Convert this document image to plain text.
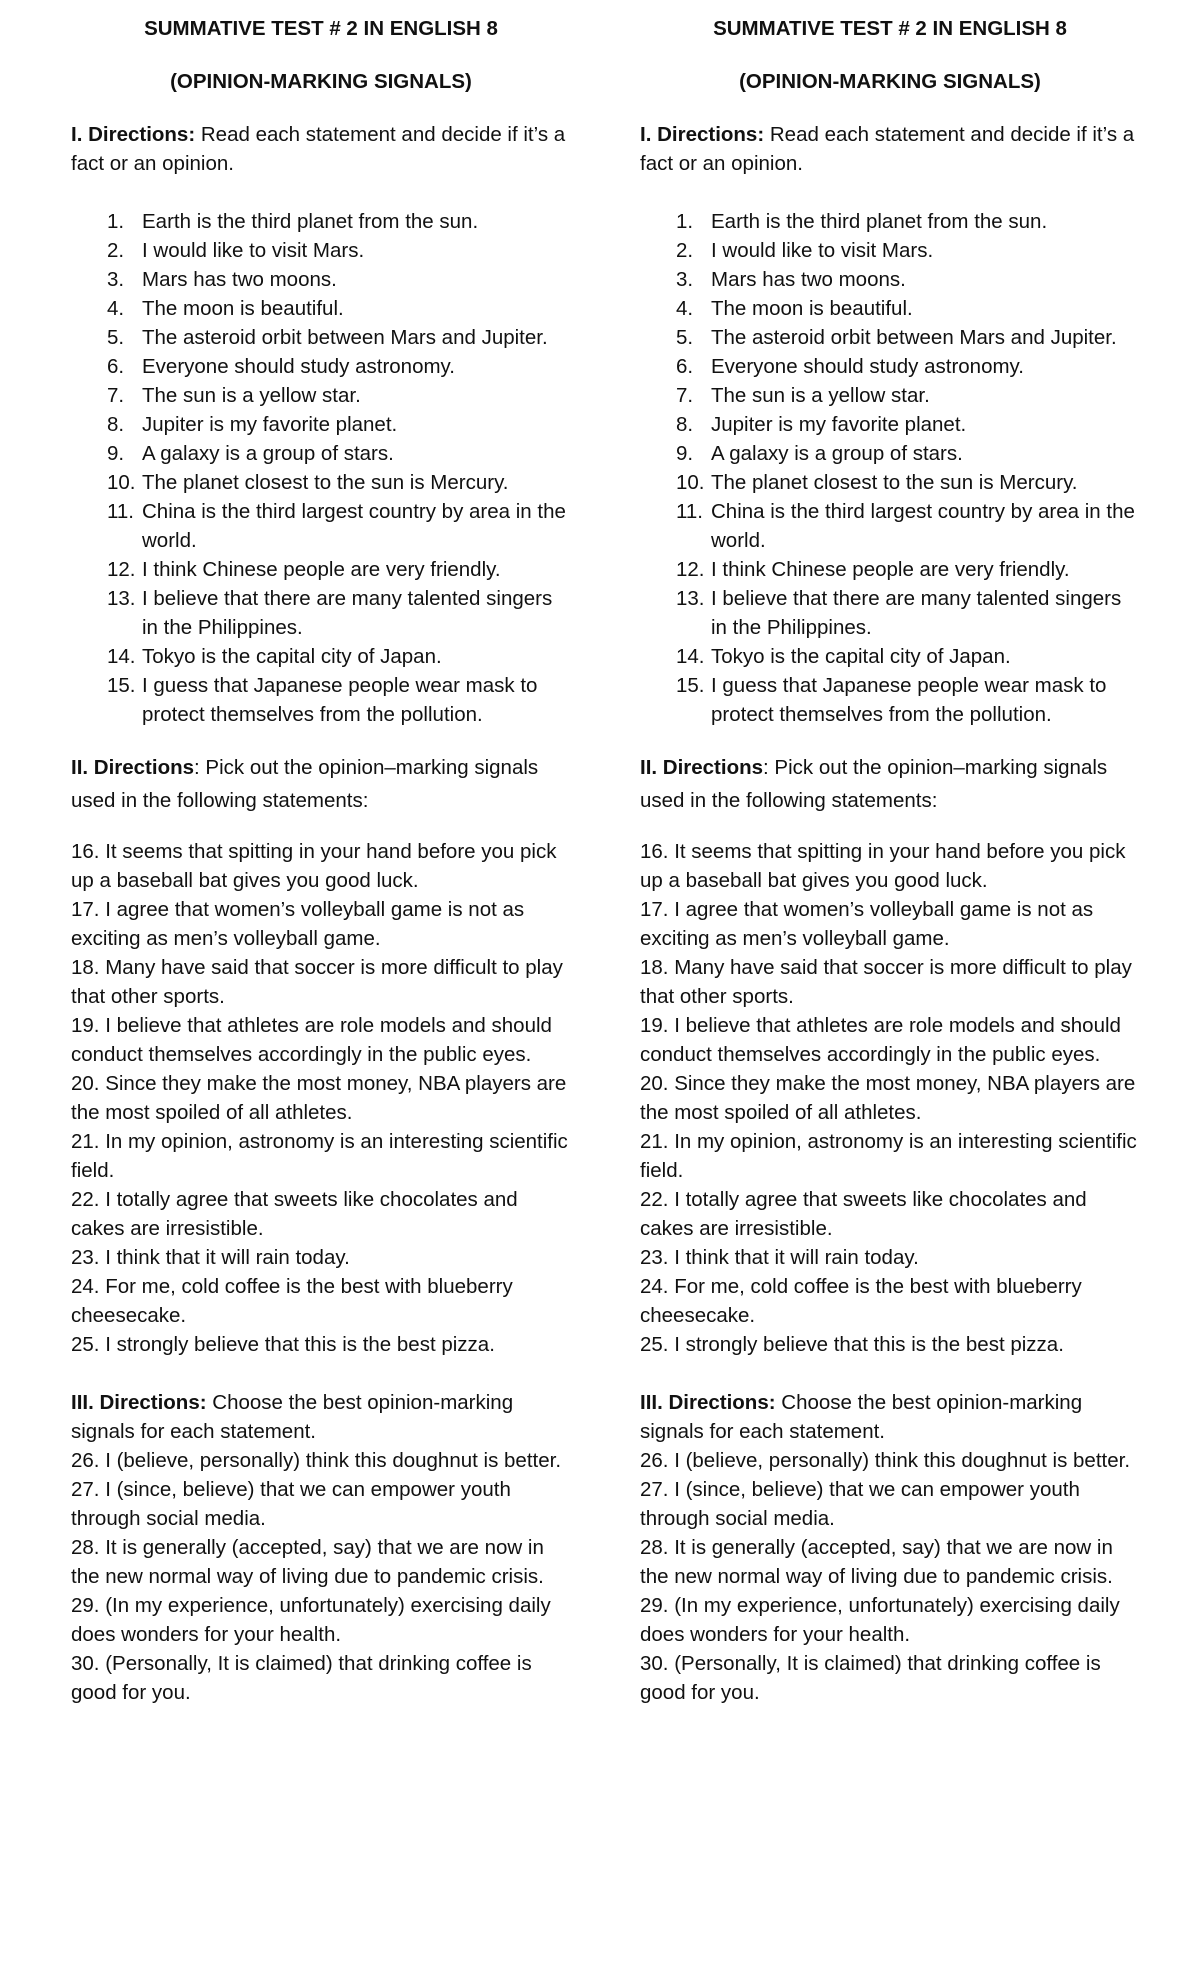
SUMMATIVE TEST # 2 IN ENGLISH 8

(OPINION-MARKING SIGNALS)

I. Directions: Read each statement and decide if it’s a fact or an opinion.

1. Earth is the third planet from the sun.
2. I would like to visit Mars.
3. Mars has two moons.
4. The moon is beautiful.
5. The asteroid orbit between Mars and Jupiter.
6. Everyone should study astronomy.
7. The sun is a yellow star.
8. Jupiter is my favorite planet.
9. A galaxy is a group of stars.
10. The planet closest to the sun is Mercury.
11. China is the third largest country by area in the world.
12. I think Chinese people are very friendly.
13. I believe that there are many talented singers in the Philippines.
14. Tokyo is the capital city of Japan.
15. I guess that Japanese people wear mask to protect themselves from the pollution.

II. Directions: Pick out the opinion–marking signals used in the following statements:

16. It seems that spitting in your hand before you pick up a baseball bat gives you good luck.

17. I agree that women’s volleyball game is not as exciting as men’s volleyball game.

18. Many have said that soccer is more difficult to play that other sports.

19. I believe that athletes are role models and should conduct themselves accordingly in the public eyes.

20. Since they make the most money, NBA players are the most spoiled of all athletes.

21. In my opinion, astronomy is an interesting scientific field.

22. I totally agree that sweets like chocolates and cakes are irresistible.

23. I think that it will rain today.

24. For me, cold coffee is the best with blueberry cheesecake.

25. I strongly believe that this is the best pizza.

III. Directions: Choose the best opinion-marking signals for each statement.

26. I (believe, personally) think this doughnut is better.

27. I (since, believe) that we can empower youth through social media.

28. It is generally (accepted, say) that we are now in the new normal way of living due to pandemic crisis.

29. (In my experience, unfortunately) exercising daily does wonders for your health.

30. (Personally, It is claimed) that drinking coffee is good for you.

SUMMATIVE TEST # 2 IN ENGLISH 8

(OPINION-MARKING SIGNALS)

I. Directions: Read each statement and decide if it’s a fact or an opinion.

1. Earth is the third planet from the sun.
2. I would like to visit Mars.
3. Mars has two moons.
4. The moon is beautiful.
5. The asteroid orbit between Mars and Jupiter.
6. Everyone should study astronomy.
7. The sun is a yellow star.
8. Jupiter is my favorite planet.
9. A galaxy is a group of stars.
10. The planet closest to the sun is Mercury.
11. China is the third largest country by area in the world.
12. I think Chinese people are very friendly.
13. I believe that there are many talented singers in the Philippines.
14. Tokyo is the capital city of Japan.
15. I guess that Japanese people wear mask to protect themselves from the pollution.

II. Directions: Pick out the opinion–marking signals used in the following statements:

16. It seems that spitting in your hand before you pick up a baseball bat gives you good luck.

17. I agree that women’s volleyball game is not as exciting as men’s volleyball game.

18. Many have said that soccer is more difficult to play that other sports.

19. I believe that athletes are role models and should conduct themselves accordingly in the public eyes.

20. Since they make the most money, NBA players are the most spoiled of all athletes.

21. In my opinion, astronomy is an interesting scientific field.

22. I totally agree that sweets like chocolates and cakes are irresistible.

23. I think that it will rain today.

24. For me, cold coffee is the best with blueberry cheesecake.

25. I strongly believe that this is the best pizza.

III. Directions: Choose the best opinion-marking signals for each statement.

26. I (believe, personally) think this doughnut is better.

27. I (since, believe) that we can empower youth through social media.

28. It is generally (accepted, say) that we are now in the new normal way of living due to pandemic crisis.

29. (In my experience, unfortunately) exercising daily does wonders for your health.

30. (Personally, It is claimed) that drinking coffee is good for you.
